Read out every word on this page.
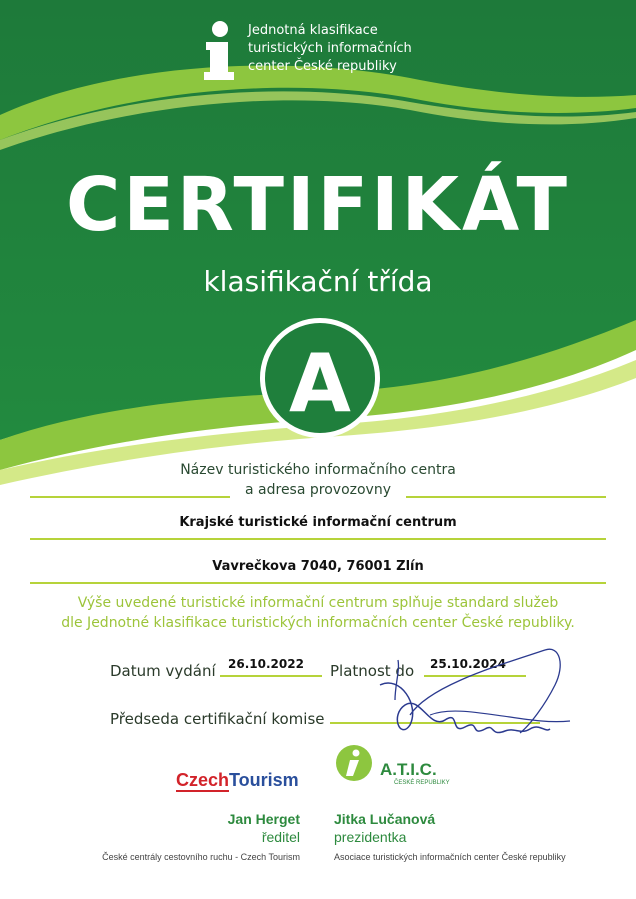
Jednotná klasifikace
turistických informačních
center České republiky
CERTIFIKÁT
klasifikační třída
A
Název turistického informačního centra
a adresa provozovny
Krajské turistické informační centrum
Vavrečkova 7040, 76001 Zlín
Výše uvedené turistické informační centrum splňuje standard služeb
dle Jednotné klasifikace turistických informačních center České republiky.
Datum vydání 26.10.2022 Platnost do 25.10.2024
Předseda certifikační komise
CzechTourism
Jan Herget
ředitel
České centrály cestovního ruchu - Czech Tourism
A.T.I.C.
ČESKÉ REPUBLIKY
Jitka Lučanová
prezidentka
Asociace turistických informačních center České republiky
